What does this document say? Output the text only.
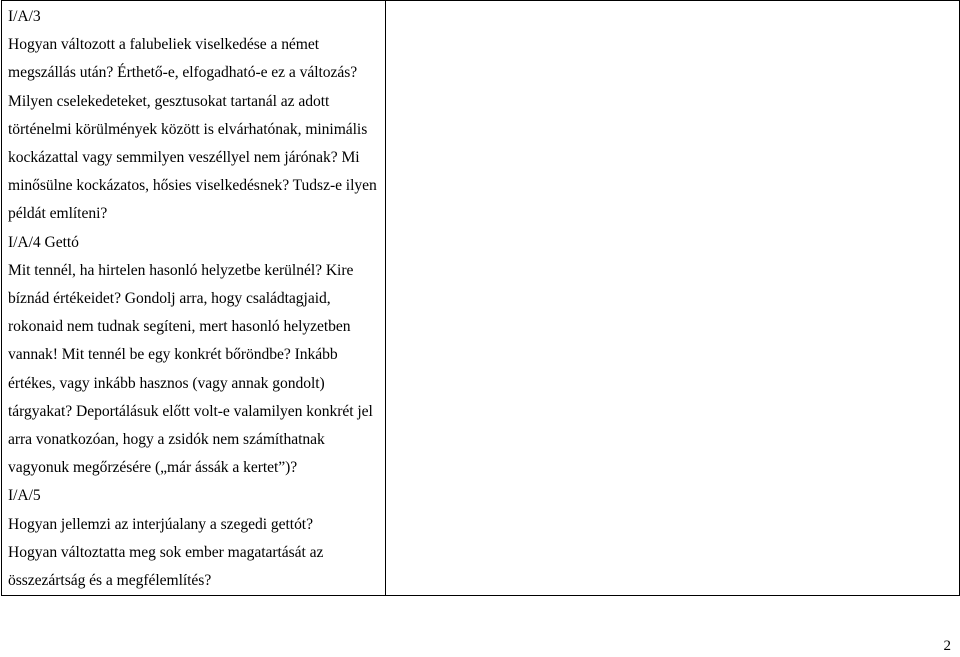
I/A/3
Hogyan változott a falubeliek viselkedése a német megszállás után? Érthető-e, elfogadható-e ez a változás? Milyen cselekedeteket, gesztusokat tartanál az adott történelmi körülmények között is elvárhatónak, minimális kockázattal vagy semmilyen veszéllyel nem járónak? Mi minősülne kockázatos, hősies viselkedésnek? Tudsz-e ilyen példát említeni?
I/A/4 Gettó
Mit tennél, ha hirtelen hasonló helyzetbe kerülnél? Kire bíznád értékeidet? Gondolj arra, hogy családtagjaid, rokonaid nem tudnak segíteni, mert hasonló helyzetben vannak! Mit tennél be egy konkrét bőröndbe? Inkább értékes, vagy inkább hasznos (vagy annak gondolt) tárgyakat? Deportálásuk előtt volt-e valamilyen konkrét jel arra vonatkozóan, hogy a zsidók nem számíthatnak vagyonuk megőrzésére („már ássák a kertet”)?
I/A/5
Hogyan jellemzi az interjúalany a szegedi gettót?
Hogyan változtatta meg sok ember magatartását az összezártság és a megfélemlítés?

2
